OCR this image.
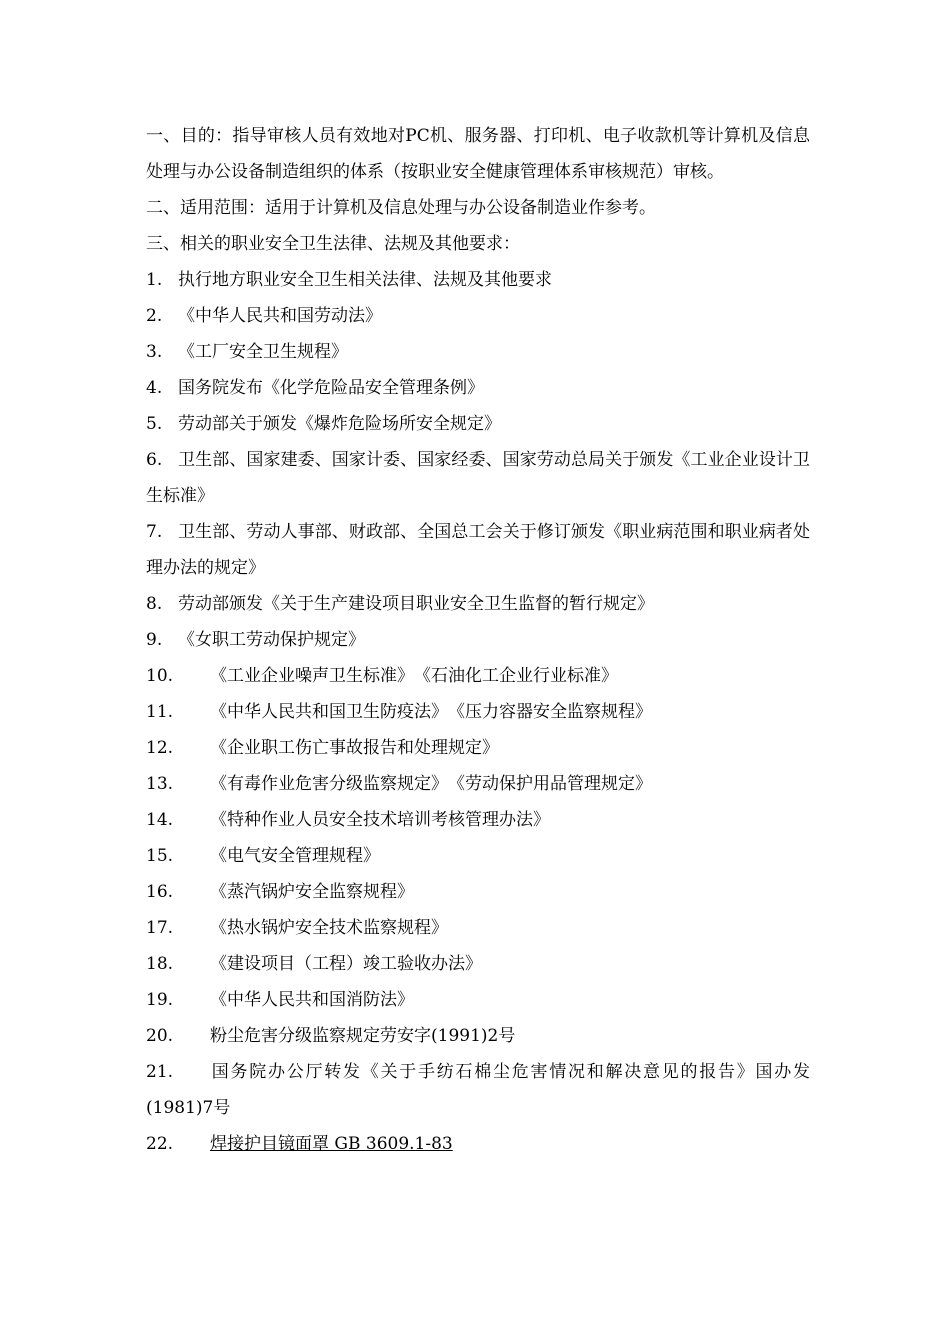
一、目的：指导审核人员有效地对PC机、服务器、打印机、电子收款机等计算机及信息处理与办公设备制造组织的体系（按职业安全健康管理体系审核规范）审核。
二、适用范围：适用于计算机及信息处理与办公设备制造业作参考。
三、相关的职业安全卫生法律、法规及其他要求：
1. 执行地方职业安全卫生相关法律、法规及其他要求
2. 《中华人民共和国劳动法》
3. 《工厂安全卫生规程》
4. 国务院发布《化学危险品安全管理条例》
5. 劳动部关于颁发《爆炸危险场所安全规定》
6. 卫生部、国家建委、国家计委、国家经委、国家劳动总局关于颁发《工业企业设计卫生标准》
7. 卫生部、劳动人事部、财政部、全国总工会关于修订颁发《职业病范围和职业病者处理办法的规定》
8. 劳动部颁发《关于生产建设项目职业安全卫生监督的暂行规定》
9. 《女职工劳动保护规定》
10. 《工业企业噪声卫生标准》　《石油化工企业行业标准》
11. 《中华人民共和国卫生防疫法》　《压力容器安全监察规程》
12. 《企业职工伤亡事故报告和处理规定》
13. 《有毒作业危害分级监察规定》　《劳动保护用品管理规定》
14. 《特种作业人员安全技术培训考核管理办法》
15. 《电气安全管理规程》
16. 《蒸汽锅炉安全监察规程》
17. 《热水锅炉安全技术监察规程》
18. 《建设项目（工程）竣工验收办法》
19. 《中华人民共和国消防法》
20. 粉尘危害分级监察规定劳安字(1991)2号
21. 国务院办公厅转发《关于手纺石棉尘危害情况和解决意见的报告》国办发(1981)7号
22. 焊接护目镜面罩 GB 3609.1-83
